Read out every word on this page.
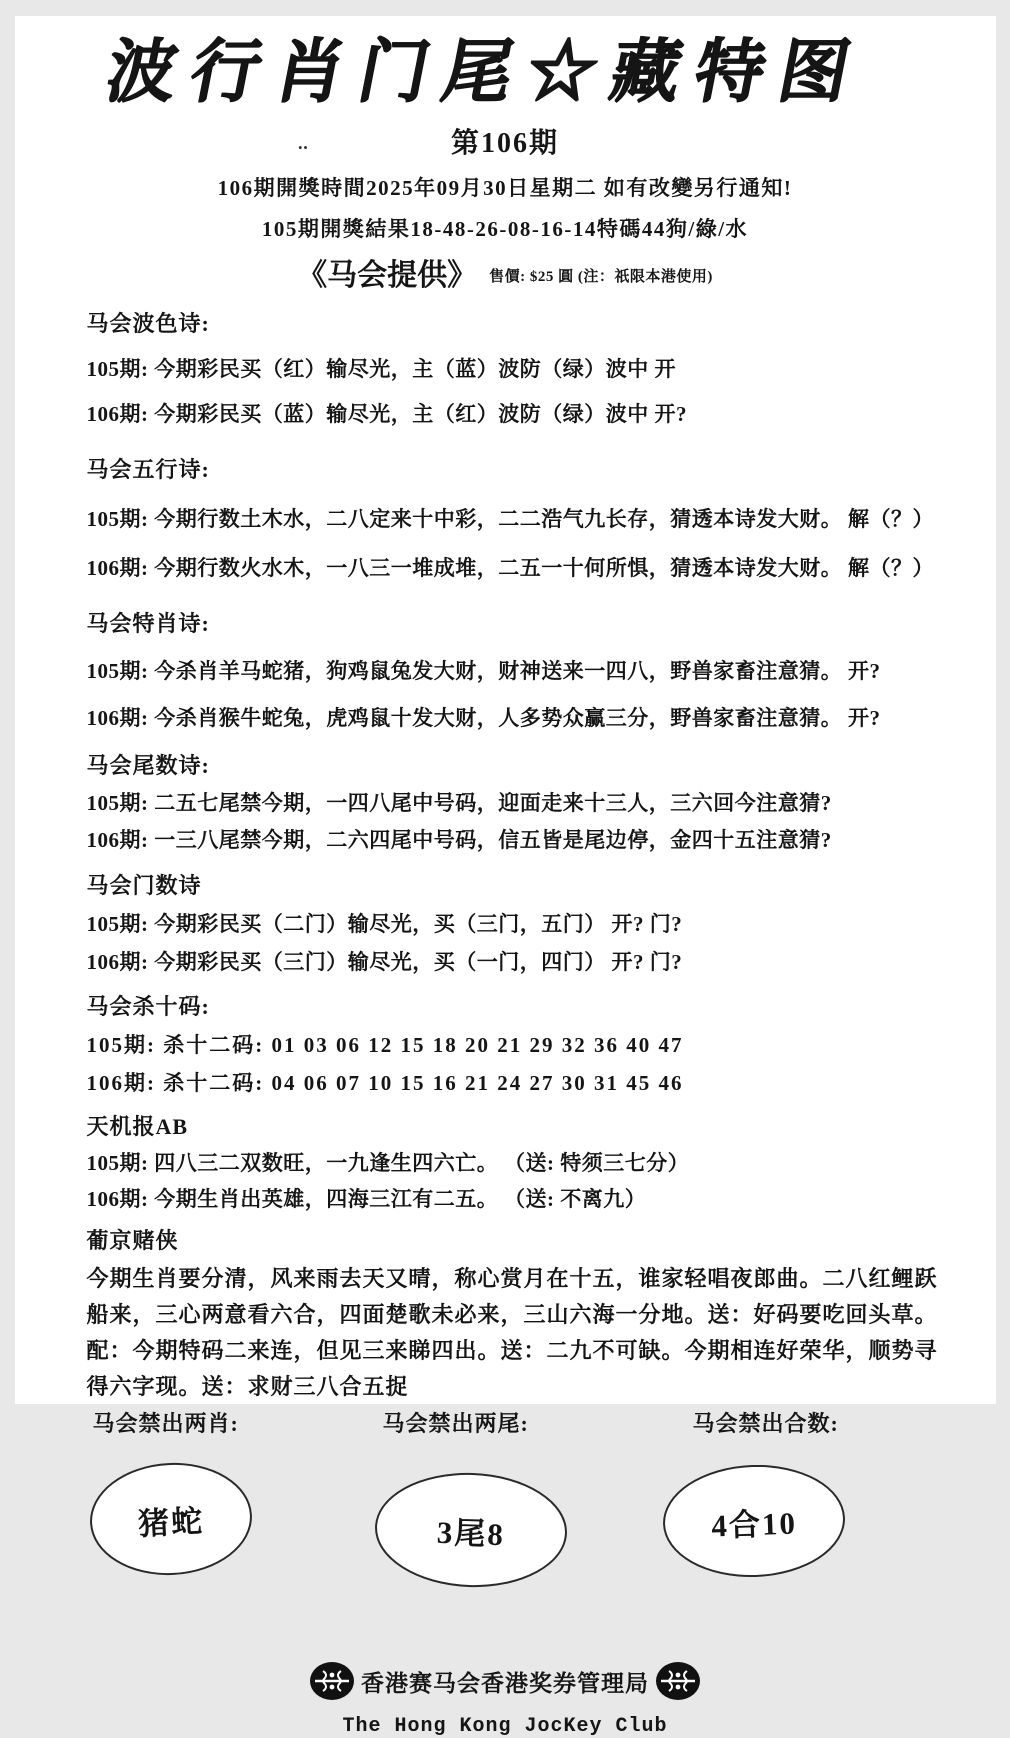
波行肖门尾☆藏特图
‥	第106期
106期開獎時間2025年09月30日星期二 如有改變另行通知!
105期開獎結果18-48-26-08-16-14特碼44狗/綠/水
《马会提供》 售價: $25 圓 (注：祇限本港使用)
马会波色诗:
105期: 今期彩民买（红）输尽光，主（蓝）波防（绿）波中 开
106期: 今期彩民买（蓝）输尽光，主（红）波防（绿）波中 开?
马会五行诗:
105期: 今期行数土木水，二八定来十中彩，二二浩气九长存，猜透本诗发大财。 解（？）
106期: 今期行数火水木，一八三一堆成堆，二五一十何所惧，猜透本诗发大财。 解（？）
马会特肖诗:
105期: 今杀肖羊马蛇猪，狗鸡鼠兔发大财，财神送来一四八，野兽家畜注意猜。 开?
106期: 今杀肖猴牛蛇兔，虎鸡鼠十发大财，人多势众赢三分，野兽家畜注意猜。 开?
马会尾数诗:
105期: 二五七尾禁今期，一四八尾中号码，迎面走来十三人，三六回今注意猜?
106期: 一三八尾禁今期，二六四尾中号码，信五皆是尾边停，金四十五注意猜?
马会门数诗
105期: 今期彩民买（二门）输尽光，买（三门，五门） 开? 门?
106期: 今期彩民买（三门）输尽光，买（一门，四门） 开? 门?
马会杀十码:
105期: 杀十二码: 01 03 06 12 15 18 20 21 29 32 36 40 47
106期: 杀十二码: 04 06 07 10 15 16 21 24 27 30 31 45 46
天机报AB
105期: 四八三二双数旺，一九逢生四六亡。 （送: 特须三七分）
106期: 今期生肖出英雄，四海三江有二五。 （送: 不离九）
葡京赌侠
今期生肖要分清，风来雨去天又晴，称心赏月在十五，谁家轻唱夜郎曲。二八红鲤跃船来，三心两意看六合，四面楚歌未必来，三山六海一分地。送：好码要吃回头草。配：今期特码二来连，但见三来睇四出。送：二九不可缺。今期相连好荣华，顺势寻得六字现。送：求财三八合五捉
马会禁出两肖:	马会禁出两尾:	马会禁出合数:
猪蛇	3尾8	4合10
香港赛马会香港奖券管理局
The Hong Kong JocKey Club
